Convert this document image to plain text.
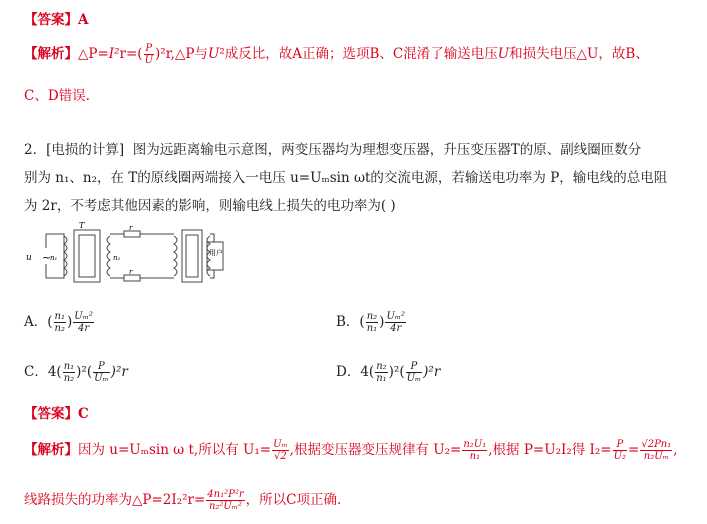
【答案】A
【解析】△P=I²r=( $\frac{P}{U}$ )²r,△P与U²成反比，故A正确；选项B、C混淆了输送电压U和损失电压△U，故B、
C、D错误.
2．[电损的计算] 图为远距离输电示意图，两变压器均为理想变压器，升压变压器T的原、副线圈匝数分
别为 n₁、n₂，在 T的原线圈两端接入一电压 u=Uₘsin ωt的交流电源，若输送电功率为 P，输电线的总电阻
为 2r，不考虑其他因素的影响，则输电线上损失的电功率为( )
u ~
T
n₁	n₂
r
r
用户
A．( $\frac{\text{n₁}}{\text{n₂}}$ ) $\frac{\text{Uₘ²}}{4r}$	B．( $\frac{\text{n₂}}{\text{n₁}}$ ) $\frac{\text{Uₘ²}}{4r}$
C．$4( \frac{\text{n₁}}{\text{n₂}} )^2( \frac{P}{\text{Uₘ}} )^2r$	D．$4( \frac{\text{n₂}}{\text{n₁}} )^2( \frac{P}{\text{Uₘ}} )^2r$
【答案】C
【解析】因为 u=Uₘsin ω t,所以有 $U_1= \frac{\text{Uₘ}}{√2}$ ,根据变压器变压规律有 $U_2= \frac{\text{n₂U₁}}{\text{n₁}}$ ,根据 P=U₂I₂得 $I_2= \frac{P}{\text{U₂}} = \frac{\text{√2Pn₁}}{\text{n₂Uₘ}}$ ,
线路损失的功率为△P=2I₂²r= $\frac{\text{4n₁²P²r}}{\text{n₂²Uₘ²}}$ ，所以C项正确.
